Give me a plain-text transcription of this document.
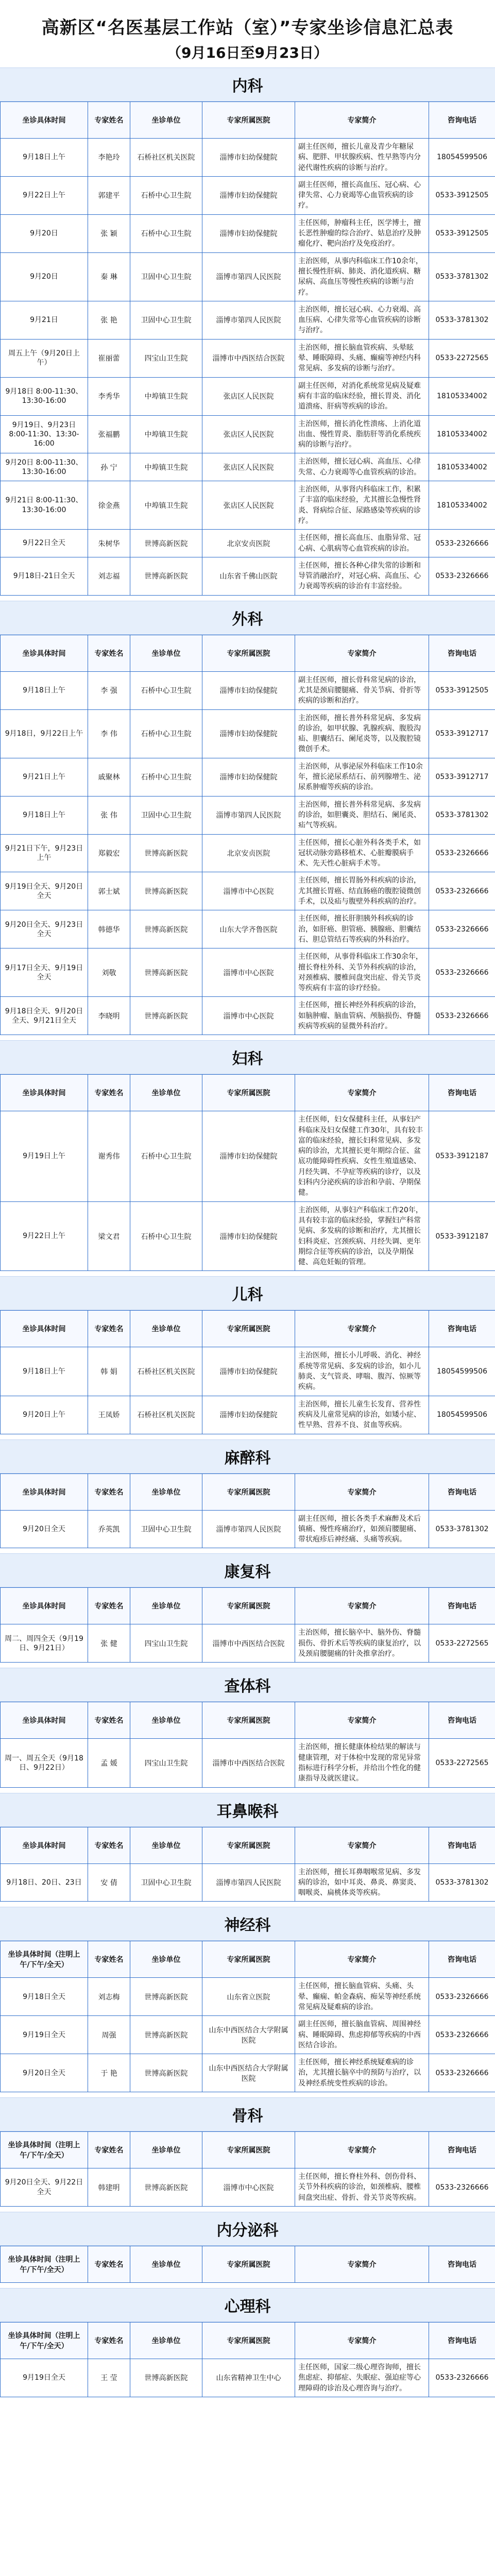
高新区“名医基层工作站（室）”专家坐诊信息汇总表
（9月16日至9月23日）
内科
坐诊具体时间	专家姓名	坐诊单位	专家所属医院	专家简介	咨询电话
9月18日上午	李艳玲	石桥社区机关医院	淄博市妇幼保健院	副主任医师，擅长儿童及青少年糖尿病、肥胖、甲状腺疾病、性早熟等内分泌代谢性疾病的诊断与治疗。	18054599506
9月22日上午	郭建平	石桥中心卫生院	淄博市妇幼保健院	副主任医师，擅长高血压、冠心病、心律失常、心力衰竭等心血管疾病的诊疗。	0533-3912505
9月20日	张 颖	石桥中心卫生院	淄博市妇幼保健院	主任医师，肿瘤科主任，医学博士，擅长恶性肿瘤的综合治疗、姑息治疗及肿瘤化疗、靶向治疗及免疫治疗。	0533-3912505
9月20日	秦 琳	卫固中心卫生院	淄博市第四人民医院	主治医师，从事内科临床工作10余年，擅长慢性肝病、肺炎、消化道疾病、糖尿病、高血压等慢性疾病的诊断与治疗。	0533-3781302
9月21日	张 艳	卫固中心卫生院	淄博市第四人民医院	主治医师，擅长冠心病、心力衰竭、高血压病、心律失常等心血管疾病的诊断与治疗。	0533-3781302
周五上午（9月20日上午）	崔丽蕾	四宝山卫生院	淄博市中西医结合医院	主治医师，擅长脑血管疾病、头晕眩晕、睡眠障碍、头痛、癫痫等神经内科常见病、多发病的诊断与治疗。	0533-2272565
9月18日 8:00-11:30、13:30-16:00	李秀华	中埠镇卫生院	张店区人民医院	副主任医师，对消化系统常见病及疑难病有丰富的临床经验，擅长胃炎、消化道溃疡、肝病等疾病的诊治。	18105334002
9月19日、9月23日 8:00-11:30、13:30-16:00	张福鹏	中埠镇卫生院	张店区人民医院	主治医师，擅长消化性溃疡、上消化道出血、慢性胃炎、脂肪肝等消化系统疾病的诊断与治疗。	18105334002
9月20日 8:00-11:30、13:30-16:00	孙 宁	中埠镇卫生院	张店区人民医院	主治医师，擅长冠心病、高血压、心律失常、心力衰竭等心血管疾病的诊治。	18105334002
9月21日 8:00-11:30、13:30-16:00	徐金燕	中埠镇卫生院	张店区人民医院	主治医师，从事肾内科临床工作，积累了丰富的临床经验，尤其擅长急慢性肾炎、肾病综合征、尿路感染等疾病的诊疗。	18105334002
9月22日全天	朱树华	世博高新医院	北京安贞医院	主任医师，擅长高血压、血脂异常、冠心病、心肌病等心血管疾病的诊治。	0533-2326666
9月18日-21日全天	刘志福	世博高新医院	山东省千佛山医院	主任医师，擅长各种心律失常的诊断和导管消融治疗，对冠心病、高血压、心力衰竭等疾病的诊治有丰富经验。	0533-2326666
外科
坐诊具体时间	专家姓名	坐诊单位	专家所属医院	专家简介	咨询电话
9月18日上午	李 强	石桥中心卫生院	淄博市妇幼保健院	副主任医师，擅长骨科常见病的诊治，尤其是颈肩腰腿痛、骨关节病、骨折等疾病的诊断和治疗。	0533-3912505
9月18日，9月22日上午	李 伟	石桥中心卫生院	淄博市妇幼保健院	主治医师，擅长普外科常见病、多发病的诊治，如甲状腺、乳腺疾病、腹股沟疝、胆囊结石、阑尾炎等，以及腹腔镜微创手术。	0533-3912717
9月21日上午	戚聚林	石桥中心卫生院	淄博市妇幼保健院	主治医师，从事泌尿外科临床工作10余年，擅长泌尿系结石、前列腺增生、泌尿系肿瘤等疾病的诊治。	0533-3912717
9月18日上午	张 伟	卫固中心卫生院	淄博市第四人民医院	主治医师，擅长普外科常见病、多发病的诊治，如胆囊炎、胆结石、阑尾炎、疝气等疾病。	0533-3781302
9月21日下午，9月23日上午	郑毅宏	世博高新医院	北京安贞医院	主任医师，擅长心脏外科各类手术，如冠状动脉旁路移植术、心脏瓣膜病手术、先天性心脏病手术等。	0533-2326666
9月19日全天、9月20日全天	郭士斌	世博高新医院	淄博市中心医院	主任医师，擅长胃肠外科疾病的诊治，尤其擅长胃癌、结直肠癌的腹腔镜微创手术，以及疝与腹壁外科疾病的治疗。	0533-2326666
9月20日全天、9月23日全天	韩德华	世博高新医院	山东大学齐鲁医院	主任医师，擅长肝胆胰外科疾病的诊治，如肝癌、胆管癌、胰腺癌、胆囊结石、胆总管结石等疾病的外科治疗。	0533-2326666
9月17日全天、9月19日全天	刘敬	世博高新医院	淄博市中心医院	主任医师，从事骨科临床工作30余年，擅长脊柱外科、关节外科疾病的诊治，对颈椎病、腰椎间盘突出症、骨关节炎等疾病有丰富的诊疗经验。	0533-2326666
9月18日全天、9月20日全天、9月21日全天	李晓明	世博高新医院	淄博市中心医院	主任医师，擅长神经外科疾病的诊治，如脑肿瘤、脑血管病、颅脑损伤、脊髓疾病等疾病的显微外科治疗。	0533-2326666
妇科
坐诊具体时间	专家姓名	坐诊单位	专家所属医院	专家简介	咨询电话
9月19日上午	谢秀伟	石桥中心卫生院	淄博市妇幼保健院	主任医师，妇女保健科主任，从事妇产科临床及妇女保健工作30年，具有较丰富的临床经验，擅长妇科常见病、多发病的诊治，尤其擅长更年期综合征、盆底功能障碍性疾病、女性生殖道感染、月经失调、不孕症等疾病的诊疗，以及妇科内分泌疾病的诊治和孕前、孕期保健。	0533-3912187
9月22日上午	梁文君	石桥中心卫生院	淄博市妇幼保健院	主治医师，从事妇产科临床工作20年，具有较丰富的临床经验，掌握妇产科常见病、多发病的诊断和治疗，尤其擅长妇科炎症、宫颈疾病、月经失调、更年期综合征等疾病的诊治，以及孕期保健、高危妊娠的管理。	0533-3912187
儿科
坐诊具体时间	专家姓名	坐诊单位	专家所属医院	专家简介	咨询电话
9月18日上午	韩 娟	石桥社区机关医院	淄博市妇幼保健院	主治医师，擅长小儿呼吸、消化、神经系统等常见病、多发病的诊治，如小儿肺炎、支气管炎、哮喘、腹泻、惊厥等疾病。	18054599506
9月20日上午	王凤娇	石桥社区机关医院	淄博市妇幼保健院	主治医师，擅长儿童生长发育、营养性疾病及儿童常见病的诊治，如矮小症、性早熟、营养不良、贫血等疾病。	18054599506
麻醉科
坐诊具体时间	专家姓名	坐诊单位	专家所属医院	专家简介	咨询电话
9月20日全天	乔英凯	卫固中心卫生院	淄博市第四人民医院	副主任医师，擅长各类手术麻醉及术后镇痛、慢性疼痛治疗，如颈肩腰腿痛、带状疱疹后神经痛、头痛等疾病。	0533-3781302
康复科
坐诊具体时间	专家姓名	坐诊单位	专家所属医院	专家简介	咨询电话
周二、周四全天（9月19日、9月21日）	张 健	四宝山卫生院	淄博市中西医结合医院	主治医师，擅长脑卒中、脑外伤、脊髓损伤、骨折术后等疾病的康复治疗，以及颈肩腰腿痛的针灸推拿治疗。	0533-2272565
查体科
坐诊具体时间	专家姓名	坐诊单位	专家所属医院	专家简介	咨询电话
周一、周五全天（9月18日、9月22日）	孟 媛	四宝山卫生院	淄博市中西医结合医院	主治医师，擅长健康体检结果的解读与健康管理，对于体检中发现的常见异常指标进行科学分析，并给出个性化的健康指导及就医建议。	0533-2272565
耳鼻喉科
坐诊具体时间	专家姓名	坐诊单位	专家所属医院	专家简介	咨询电话
9月18日、20日、23日	安 倩	卫固中心卫生院	淄博市第四人民医院	主治医师，擅长耳鼻咽喉常见病、多发病的诊治，如中耳炎、鼻炎、鼻窦炎、咽喉炎、扁桃体炎等疾病。	0533-3781302
神经科
坐诊具体时间（注明上午/下午/全天）	专家姓名	坐诊单位	专家所属医院	专家简介	咨询电话
9月18日全天	刘志梅	世博高新医院	山东省立医院	主任医师，擅长脑血管病、头痛、头晕、癫痫、帕金森病、痴呆等神经系统常见病及疑难病的诊治。	0533-2326666
9月19日全天	周强	世博高新医院	山东中西医结合大学附属医院	副主任医师，擅长脑血管病、周围神经病、睡眠障碍、焦虑抑郁等疾病的中西医结合诊治。	0533-2326666
9月20日全天	于 艳	世博高新医院	山东中西医结合大学附属医院	主任医师，擅长神经系统疑难病的诊治，尤其擅长脑卒中的预防与治疗，以及神经系统变性疾病的诊治。	0533-2326666
骨科
坐诊具体时间（注明上午/下午/全天）	专家姓名	坐诊单位	专家所属医院	专家简介	咨询电话
9月20日全天、9月22日全天	韩建明	世博高新医院	淄博市中心医院	主任医师，擅长脊柱外科、创伤骨科、关节外科疾病的诊治，如颈椎病、腰椎间盘突出症、骨折、骨关节炎等疾病。	0533-2326666
内分泌科
坐诊具体时间（注明上午/下午/全天）	专家姓名	坐诊单位	专家所属医院	专家简介	咨询电话
心理科
坐诊具体时间（注明上午/下午/全天）	专家姓名	坐诊单位	专家所属医院	专家简介	咨询电话
9月19日全天	王 莹	世博高新医院	山东省精神卫生中心	主任医师，国家二级心理咨询师，擅长焦虑症、抑郁症、失眠症、强迫症等心理障碍的诊治及心理咨询与治疗。	0533-2326666
